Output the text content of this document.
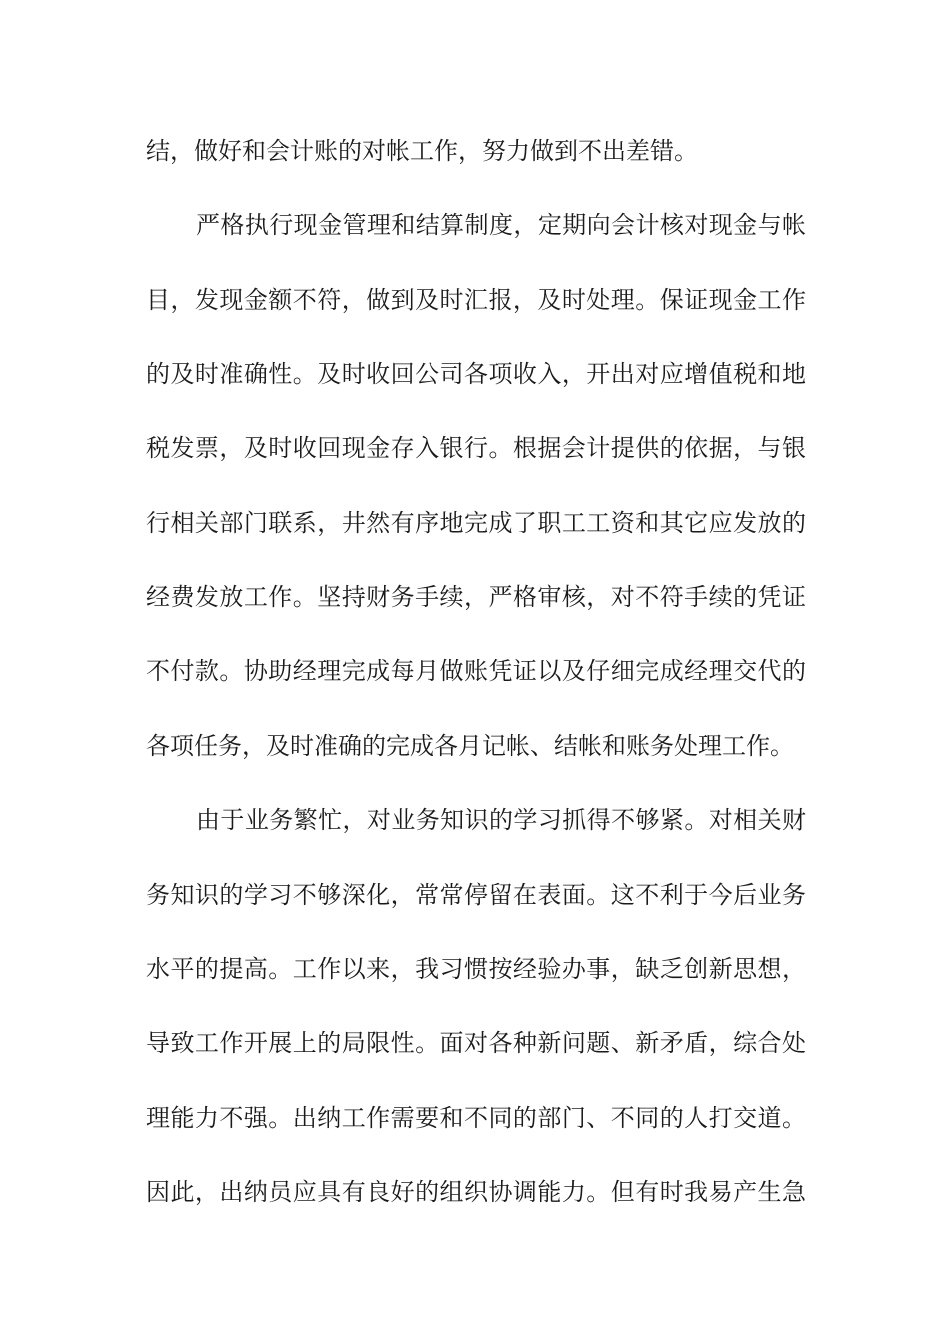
结，做好和会计账的对帐工作，努力做到不出差错。
严格执行现金管理和结算制度，定期向会计核对现金与帐
目，发现金额不符，做到及时汇报，及时处理。保证现金工作
的及时准确性。及时收回公司各项收入，开出对应增值税和地
税发票，及时收回现金存入银行。根据会计提供的依据，与银
行相关部门联系，井然有序地完成了职工工资和其它应发放的
经费发放工作。坚持财务手续，严格审核，对不符手续的凭证
不付款。协助经理完成每月做账凭证以及仔细完成经理交代的
各项任务，及时准确的完成各月记帐、结帐和账务处理工作。
由于业务繁忙，对业务知识的学习抓得不够紧。对相关财
务知识的学习不够深化，常常停留在表面。这不利于今后业务
水平的提高。工作以来，我习惯按经验办事，缺乏创新思想，
导致工作开展上的局限性。面对各种新问题、新矛盾，综合处
理能力不强。出纳工作需要和不同的部门、不同的人打交道。
因此，出纳员应具有良好的组织协调能力。但有时我易产生急
